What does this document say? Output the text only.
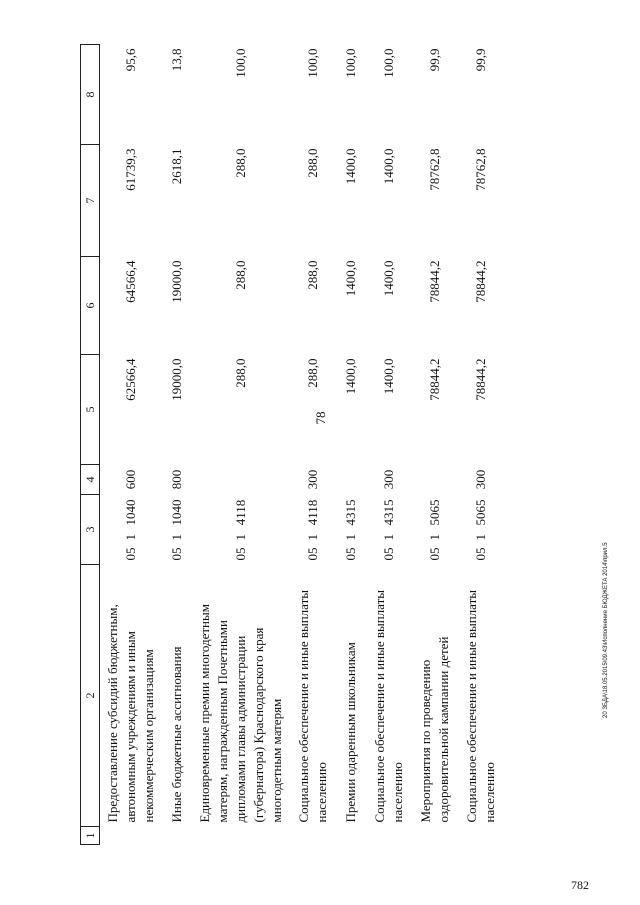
78
1	2	3			4	5	6	7	8
	Предоставление субсидий бюджетным, автономным учреждениям и иным некоммерческим организациям	05	1	1040	600	62566,4	64566,4	61739,3	95,6
	Иные бюджетные ассигнования	05	1	1040	800	19000,0	19000,0	2618,1	13,8
	Единовременные премии многодетным матерям, награжденным Почетными дипломами главы администрации (губернатора) Краснодарского края многодетным матерям	05	1	4118		288,0	288,0	288,0	100,0
	Социальное обеспечение и иные выплаты населению	05	1	4118	300	288,0	288,0	288,0	100,0
	Премии одаренным школьникам	05	1	4315		1400,0	1400,0	1400,0	100,0
	Социальное обеспечение и иные выплаты населению	05	1	4315	300	1400,0	1400,0	1400,0	100,0
	Мероприятия по проведению оздоровительной кампании детей	05	1	5065		78844,2	78844,2	78762,8	99,9
	Социальное обеспечение и иные выплаты населению	05	1	5065	300	78844,2	78844,2	78762,8	99,9
20 ЗБДА\18.05.2015\09.43\Исполнение БЮДЖЕТА 2014\прил.5
782
